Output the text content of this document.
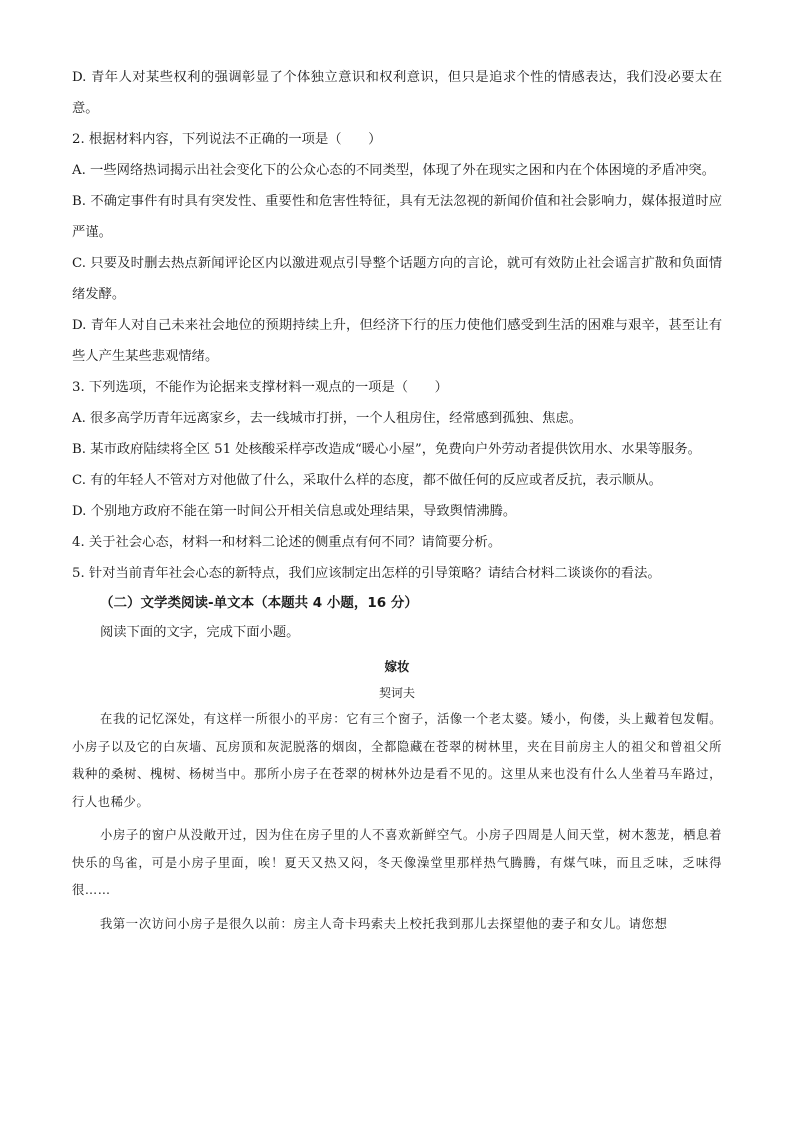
D. 青年人对某些权利的强调彰显了个体独立意识和权利意识，但只是追求个性的情感表达，我们没必要太在意。

2. 根据材料内容，下列说法不正确的一项是（　　）

A. 一些网络热词揭示出社会变化下的公众心态的不同类型，体现了外在现实之困和内在个体困境的矛盾冲突。

B. 不确定事件有时具有突发性、重要性和危害性特征，具有无法忽视的新闻价值和社会影响力，媒体报道时应严谨。

C. 只要及时删去热点新闻评论区内以激进观点引导整个话题方向的言论，就可有效防止社会谣言扩散和负面情绪发酵。

D. 青年人对自己未来社会地位的预期持续上升，但经济下行的压力使他们感受到生活的困难与艰辛，甚至让有些人产生某些悲观情绪。

3. 下列选项，不能作为论据来支撑材料一观点的一项是（　　）

A. 很多高学历青年远离家乡，去一线城市打拼，一个人租房住，经常感到孤独、焦虑。

B. 某市政府陆续将全区 51 处核酸采样亭改造成“暖心小屋”，免费向户外劳动者提供饮用水、水果等服务。

C. 有的年轻人不管对方对他做了什么，采取什么样的态度，都不做任何的反应或者反抗，表示顺从。

D. 个别地方政府不能在第一时间公开相关信息或处理结果，导致舆情沸腾。

4. 关于社会心态，材料一和材料二论述的侧重点有何不同？请简要分析。

5. 针对当前青年社会心态的新特点，我们应该制定出怎样的引导策略？请结合材料二谈谈你的看法。

（二）文学类阅读-单文本（本题共 4 小题，16 分）

阅读下面的文字，完成下面小题。

嫁妆
契诃夫

在我的记忆深处，有这样一所很小的平房：它有三个窗子，活像一个老太婆。矮小，佝偻，头上戴着包发帽。小房子以及它的白灰墙、瓦房顶和灰泥脱落的烟囱，全都隐藏在苍翠的树林里，夹在目前房主人的祖父和曾祖父所栽种的桑树、槐树、杨树当中。那所小房子在苍翠的树林外边是看不见的。这里从来也没有什么人坐着马车路过，行人也稀少。

小房子的窗户从没敞开过，因为住在房子里的人不喜欢新鲜空气。小房子四周是人间天堂，树木葱茏，栖息着快乐的鸟雀，可是小房子里面，唉！夏天又热又闷，冬天像澡堂里那样热气腾腾，有煤气味，而且乏味，乏味得很……

我第一次访问小房子是很久以前：房主人奇卡玛索夫上校托我到那儿去探望他的妻子和女儿。请您想
